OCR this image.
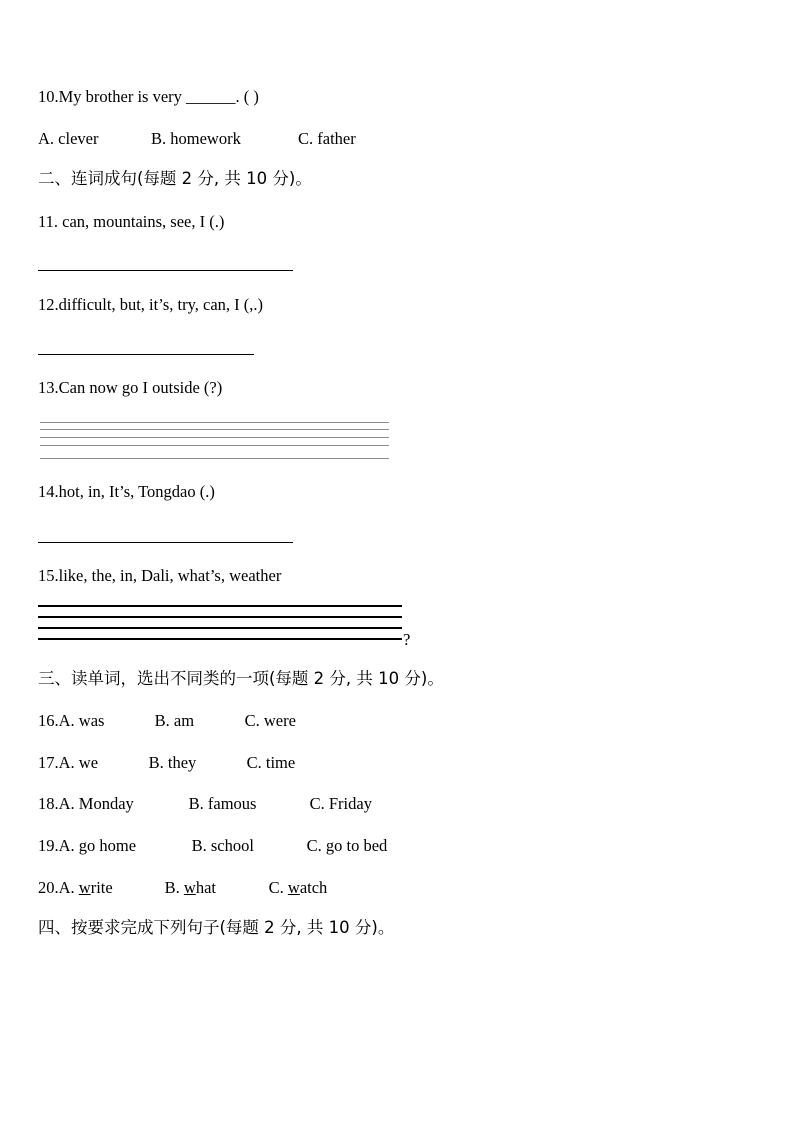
10.My brother is very ______. ( )
A. clever	B. homework	C. father
二、连词成句(每题 2 分, 共 10 分)。
11. can, mountains, see, I (.)
12.difficult, but, it’s, try, can, I (,.)
13.Can now go I outside (?)
14.hot, in, It’s, Tongdao (.)
15.like, the, in, Dali, what’s, weather
?
三、读单词，选出不同类的一项(每题 2 分, 共 10 分)。
16.A. was	B. am	C. were
17.A. we	B. they	C. time
18.A. Monday	B. famous	C. Friday
19.A. go home	B. school	C. go to bed
20.A. write	B. what	C. watch
四、按要求完成下列句子(每题 2 分, 共 10 分)。
